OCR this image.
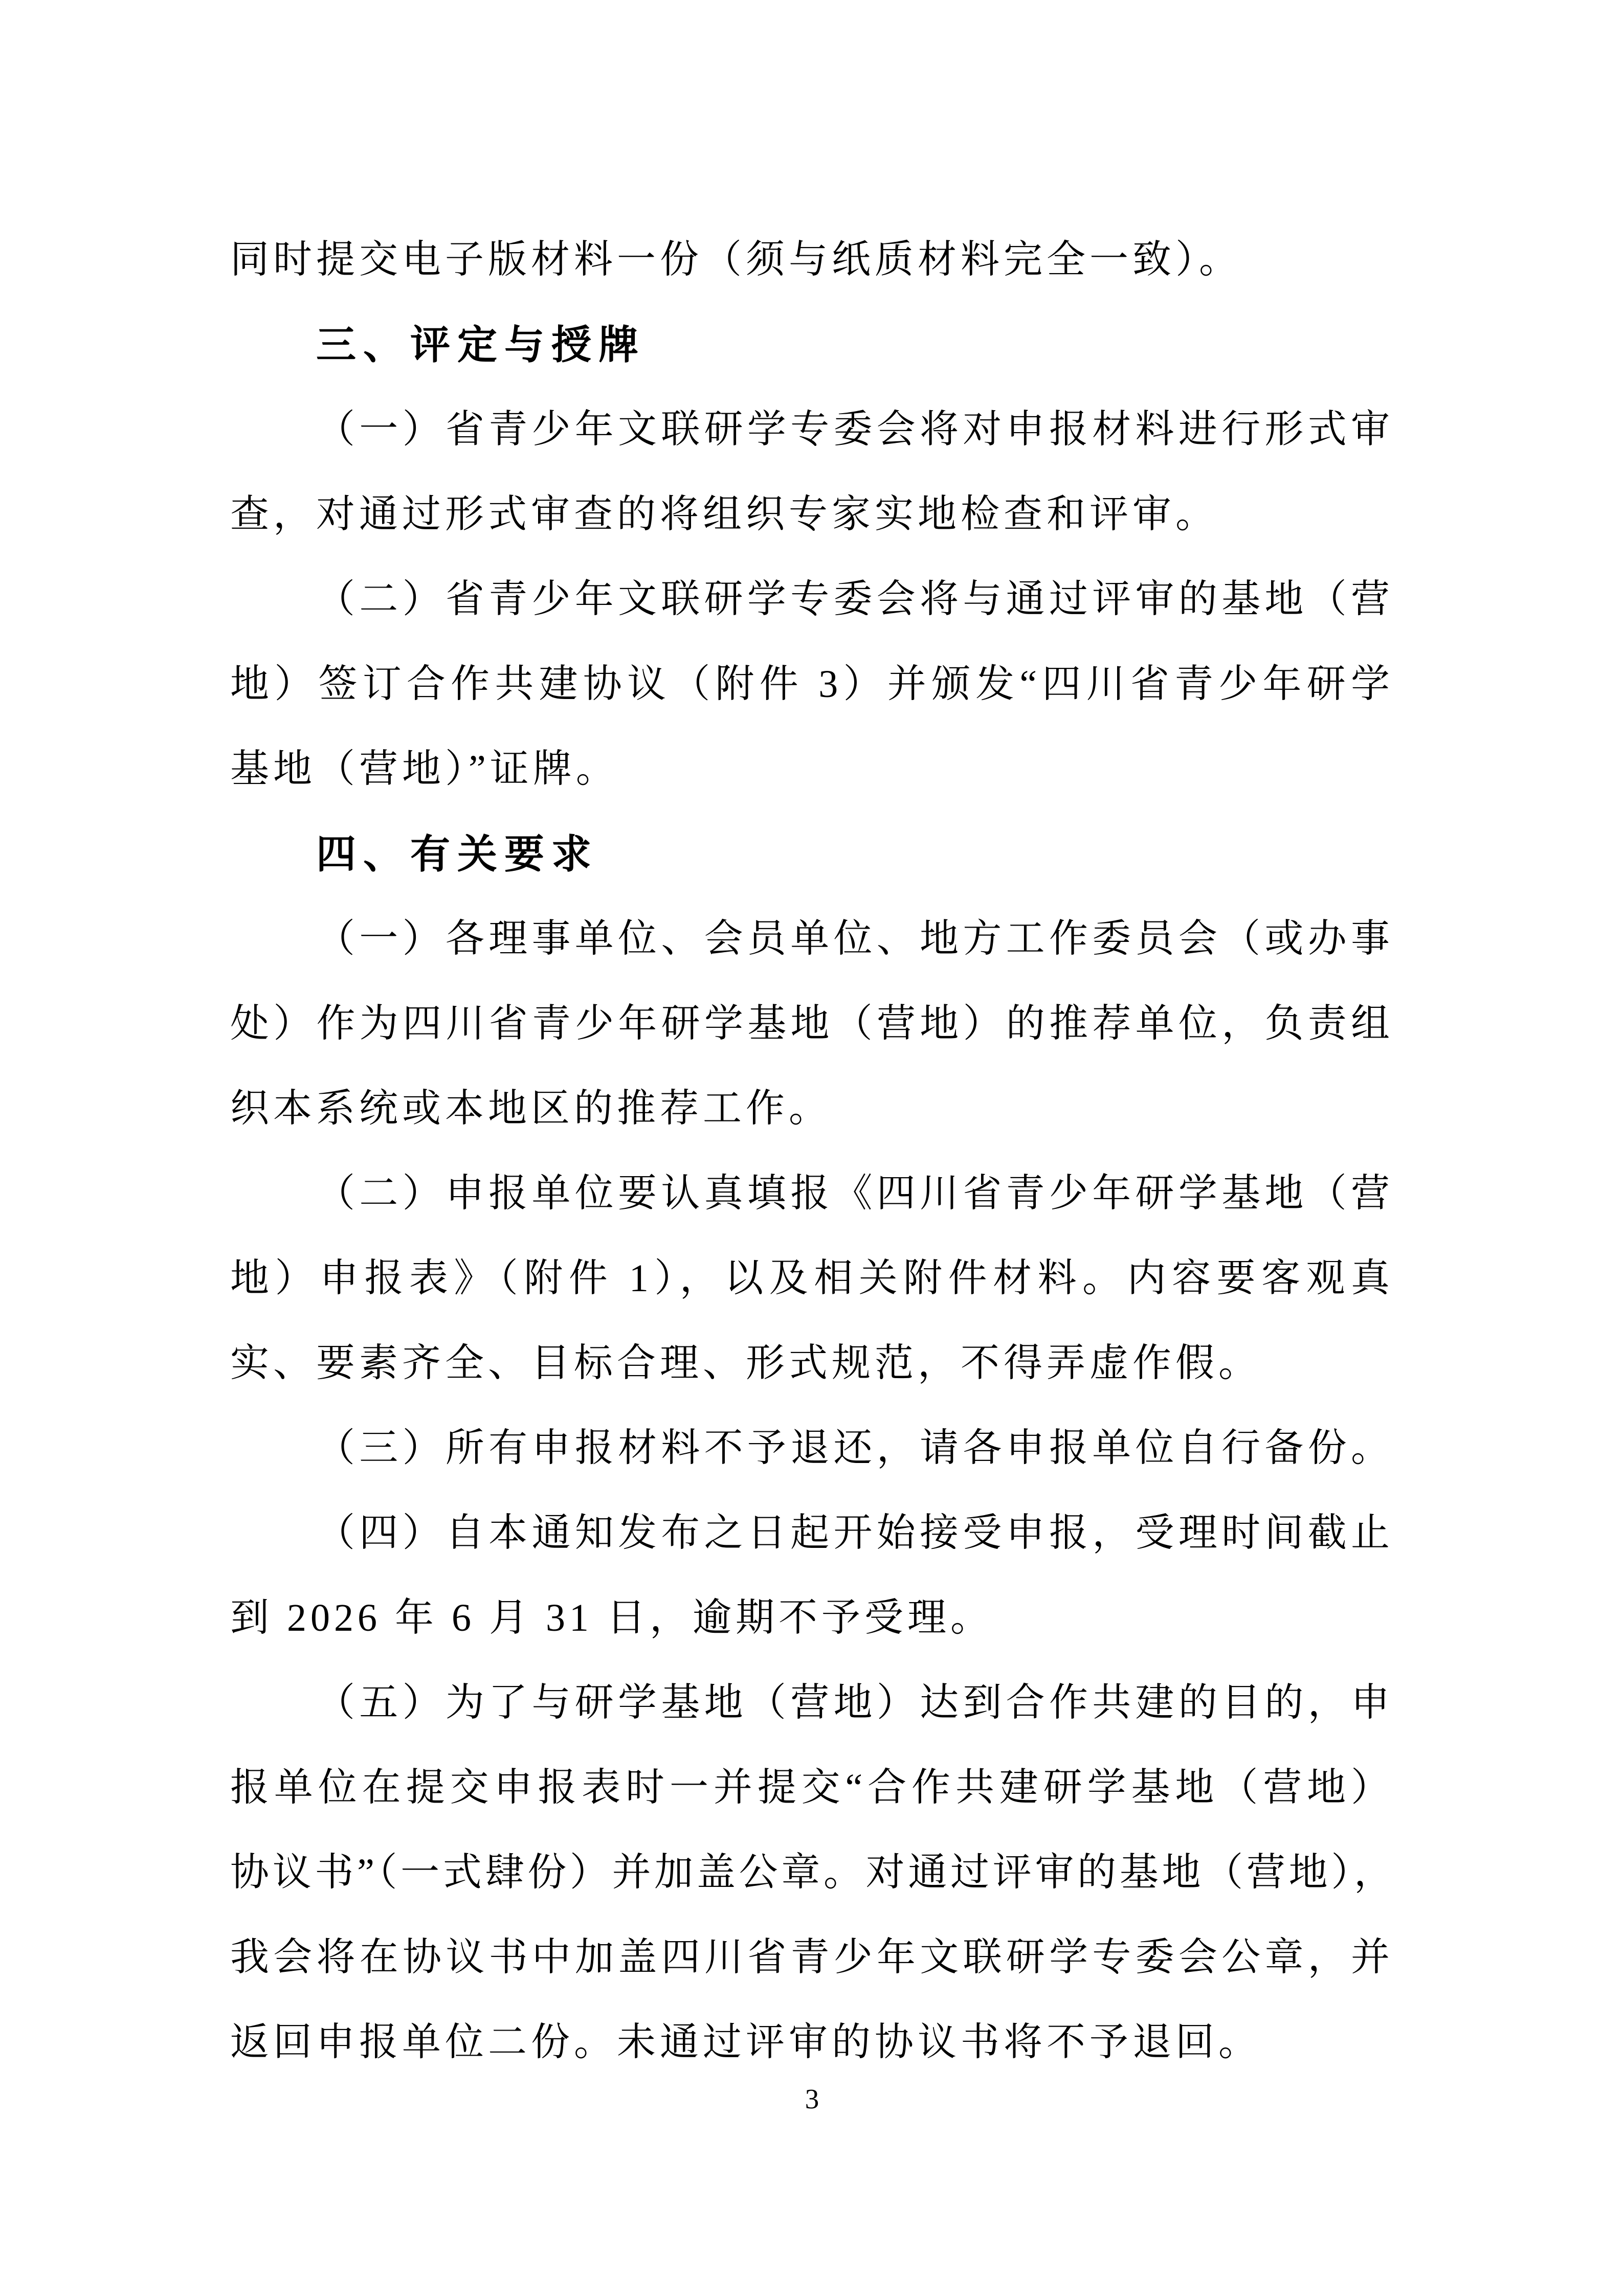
同时提交电子版材料一份（须与纸质材料完全一致）。
三、评定与授牌
（一）省青少年文联研学专委会将对申报材料进行形式审
查，对通过形式审查的将组织专家实地检查和评审。
（二）省青少年文联研学专委会将与通过评审的基地（营
地）签订合作共建协议（附件 3）并颁发“四川省青少年研学
基地（营地）”证牌。
四、有关要求
（一）各理事单位、会员单位、地方工作委员会（或办事
处）作为四川省青少年研学基地（营地）的推荐单位，负责组
织本系统或本地区的推荐工作。
（二）申报单位要认真填报《四川省青少年研学基地（营
地）申报表》（附件 1），以及相关附件材料。内容要客观真
实、要素齐全、目标合理、形式规范，不得弄虚作假。
（三）所有申报材料不予退还，请各申报单位自行备份。
（四）自本通知发布之日起开始接受申报，受理时间截止
到 2026 年 6 月 31 日，逾期不予受理。
（五）为了与研学基地（营地）达到合作共建的目的，申
报单位在提交申报表时一并提交“合作共建研学基地（营地）
协议书”（一式肆份）并加盖公章。对通过评审的基地（营地），
我会将在协议书中加盖四川省青少年文联研学专委会公章，并
返回申报单位二份。未通过评审的协议书将不予退回。
3
